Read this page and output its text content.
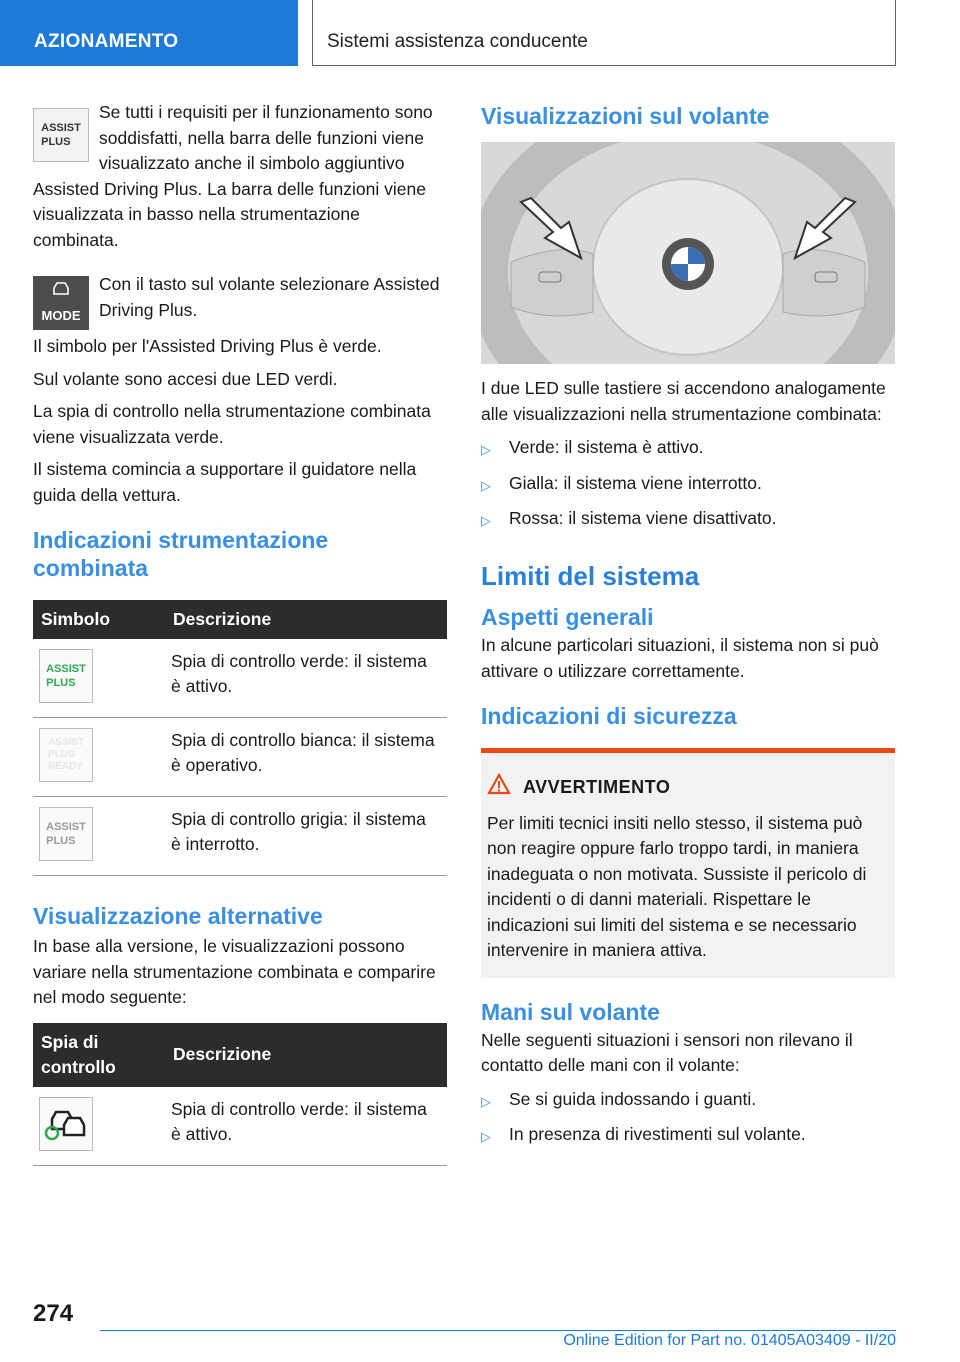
AZIONAMENTO	Sistemi assistenza conducente
ASSIST
PLUS

Se tutti i requisiti per il funzionamento sono soddisfatti, nella barra delle funzioni viene visualizzato anche il simbolo aggiuntivo Assisted Driving Plus. La barra delle funzioni viene visualizzata in basso nella strumentazione combinata.

MODE

Con il tasto sul volante selezionare Assisted Driving Plus.

Il simbolo per l'Assisted Driving Plus è verde.

Sul volante sono accesi due LED verdi.

La spia di controllo nella strumentazione combinata viene visualizzata verde.

Il sistema comincia a supportare il guidatore nella guida della vettura.

Indicazioni strumentazione combinata
Simbolo	Descrizione

ASSIST
PLUS	Spia di controllo verde: il sistema è attivo.

ASSIST
PLUS
READY	Spia di controllo bianca: il sistema è operativo.

ASSIST
PLUS	Spia di controllo grigia: il sistema è interrotto.
Visualizzazione alternative

In base alla versione, le visualizzazioni possono variare nella strumentazione combinata e comparire nel modo seguente:

Spia di controllo	Descrizione

	Spia di controllo verde: il sistema è attivo.
Visualizzazioni sul volante

I due LED sulle tastiere si accendono analogamente alle visualizzazioni nella strumentazione combinata:

▷	Verde: il sistema è attivo.
▷	Gialla: il sistema viene interrotto.
▷	Rossa: il sistema viene disattivato.
Limiti del sistema
Aspetti generali

In alcune particolari situazioni, il sistema non si può attivare o utilizzare correttamente.

Indicazioni di sicurezza
AVVERTIMENTO
Per limiti tecnici insiti nello stesso, il sistema può non reagire oppure farlo troppo tardi, in maniera inadeguata o non motivata. Sussiste il pericolo di incidenti o di danni materiali. Rispettare le indicazioni sui limiti del sistema e se necessario intervenire in maniera attiva.
Mani sul volante

Nelle seguenti situazioni i sensori non rilevano il contatto delle mani con il volante:

▷	Se si guida indossando i guanti.
▷	In presenza di rivestimenti sul volante.
274
Online Edition for Part no. 01405A03409 - II/20
